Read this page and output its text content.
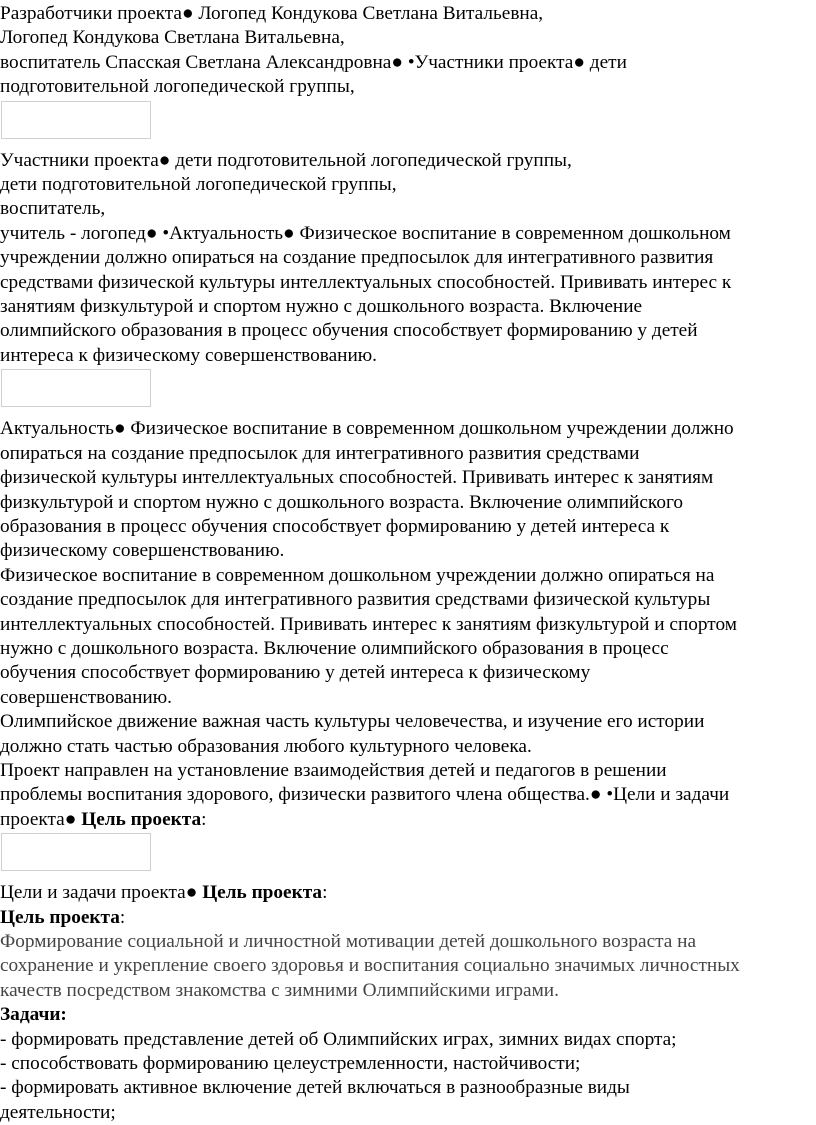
Разработчики проекта● Логопед Кондукова Светлана Витальевна,
Логопед Кондукова Светлана Витальевна,
воспитатель Спасская Светлана Александровна● •Участники проекта● дети
подготовительной логопедической группы,
Участники проекта● дети подготовительной логопедической группы,
дети подготовительной логопедической группы,
воспитатель,
учитель - логопед● •Актуальность● Физическое воспитание в современном дошкольном
учреждении должно опираться на создание предпосылок для интегративного развития
средствами физической культуры интеллектуальных способностей. Прививать интерес к
занятиям физкультурой и спортом нужно с дошкольного возраста. Включение
олимпийского образования в процесс обучения способствует формированию у детей
интереса к физическому совершенствованию.
Актуальность● Физическое воспитание в современном дошкольном учреждении должно
опираться на создание предпосылок для интегративного развития средствами
физической культуры интеллектуальных способностей. Прививать интерес к занятиям
физкультурой и спортом нужно с дошкольного возраста. Включение олимпийского
образования в процесс обучения способствует формированию у детей интереса к
физическому совершенствованию.
Физическое воспитание в современном дошкольном учреждении должно опираться на
создание предпосылок для интегративного развития средствами физической культуры
интеллектуальных способностей. Прививать интерес к занятиям физкультурой и спортом
нужно с дошкольного возраста. Включение олимпийского образования в процесс
обучения способствует формированию у детей интереса к физическому
совершенствованию.
Олимпийское движение важная часть культуры человечества, и изучение его истории
должно стать частью образования любого культурного человека.
Проект направлен на установление взаимодействия детей и педагогов в решении
проблемы воспитания здорового, физически развитого члена общества.● •Цели и задачи
проекта● Цель проекта:
Цели и задачи проекта● Цель проекта:
Цель проекта:
Формирование социальной и личностной мотивации детей дошкольного возраста на
сохранение и укрепление своего здоровья и воспитания социально значимых личностных
качеств посредством знакомства с зимними Олимпийскими играми.
Задачи:
- формировать представление детей об Олимпийских играх, зимних видах спорта;
- способствовать формированию целеустремленности, настойчивости;
- формировать активное включение детей включаться в разнообразные виды
деятельности;
